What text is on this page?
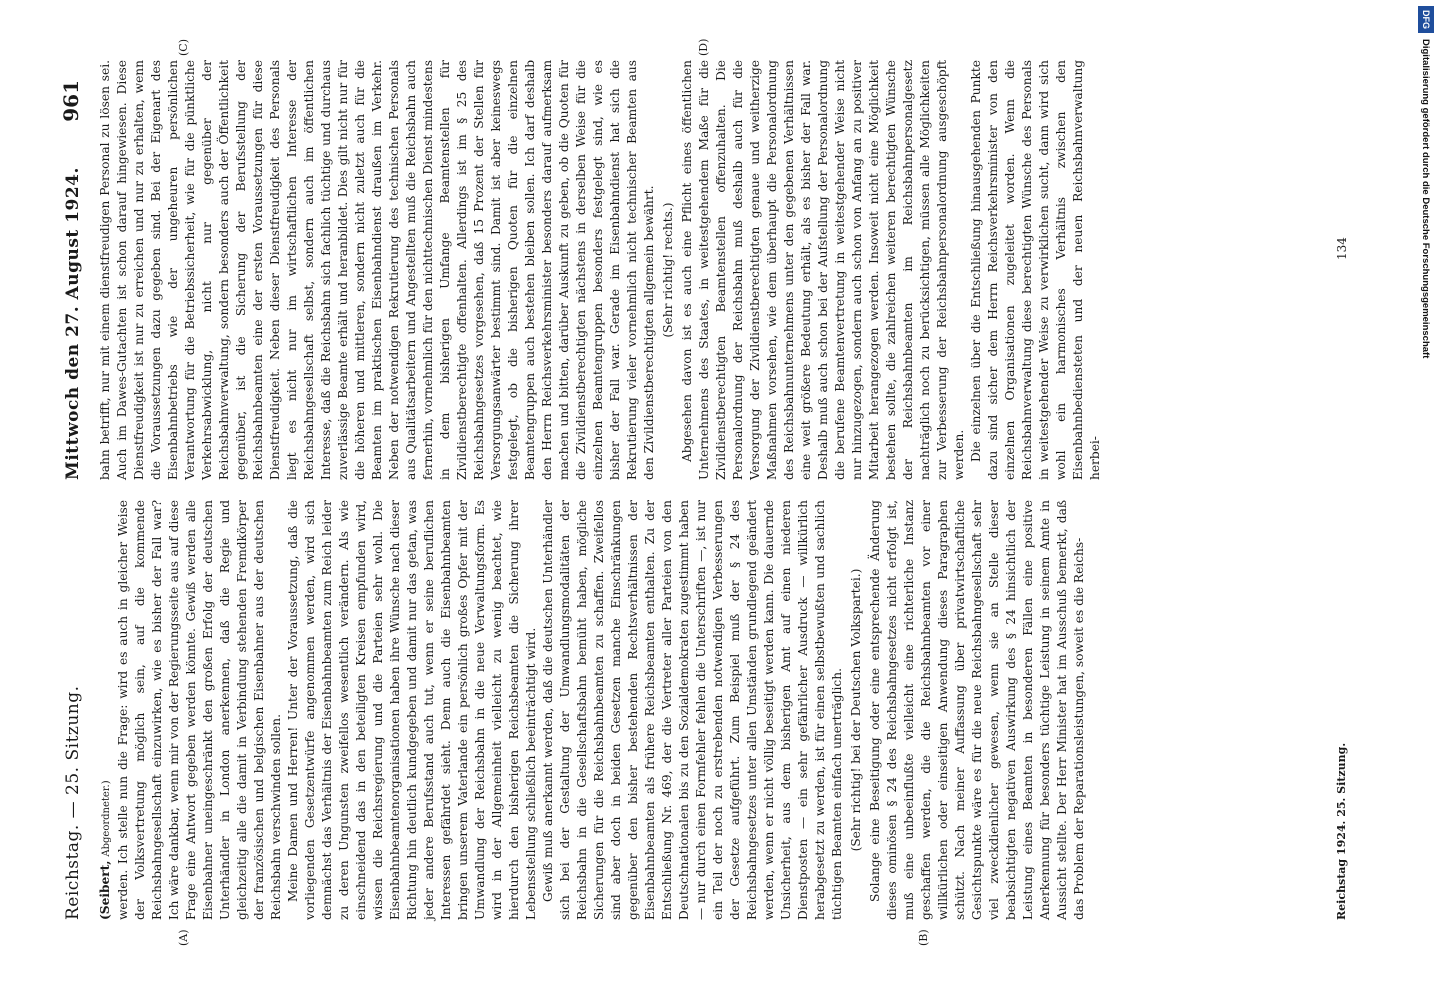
Reichstag. — 25. Sitzung.
Mittwoch den 27. August 1924.
961
(A)	(B)
(C)	(D)

(Seibert, Abgeordneter.) werden. Ich stelle nun die Frage: wird es auch in gleicher Weise der Volksvertretung möglich sein, auf die kommende Reichsbahngesellschaft einzuwirken, wie es bisher der Fall war? Ich wäre dankbar, wenn mir von der Regierungsseite aus auf diese Frage eine Antwort gegeben werden könnte. Gewiß werden alle Eisenbahner uneingeschränkt den großen Erfolg der deutschen Unterhändler in London anerkennen, daß die Regie und gleichzeitig alle die damit in Verbindung stehenden Fremdkörper der französischen und belgischen Eisenbahner aus der deutschen Reichsbahn verschwinden sollen. Meine Damen und Herren! Unter der Voraussetzung, daß die vorliegenden Gesetzentwürfe angenommen werden, wird sich demnächst das Verhältnis der Eisenbahnbeamten zum Reich leider zu deren Ungunsten zweifellos wesentlich verändern. Als wie einschneidend das in den beteiligten Kreisen empfunden wird, wissen die Reichsregierung und die Parteien sehr wohl. Die Eisenbahnbeamtenorganisationen haben ihre Wünsche nach dieser Richtung hin deutlich kundgegeben und damit nur das getan, was jeder andere Berufsstand auch tut, wenn er seine beruflichen Interessen gefährdet sieht. Denn auch die Eisenbahnbeamten bringen unserem Vaterlande ein persönlich großes Opfer mit der Umwandlung der Reichsbahn in die neue Verwaltungsform. Es wird in der Allgemeinheit vielleicht zu wenig beachtet, wie hierdurch den bisherigen Reichsbeamten die Sicherung ihrer Lebensstellung schließlich beeinträchtigt wird. Gewiß muß anerkannt werden, daß die deutschen Unterhändler sich bei der Gestaltung der Umwandlungsmodalitäten der Reichsbahn in die Gesellschaftsbahn bemüht haben, mögliche Sicherungen für die Reichsbahnbeamten zu schaffen. Zweifellos sind aber doch in beiden Gesetzen manche Einschränkungen gegenüber den bisher bestehenden Rechtsverhältnissen der Eisenbahnbeamten als frühere Reichsbeamten enthalten. Zu der Entschließung Nr. 469, der die Vertreter aller Parteien von den Deutschnationalen bis zu den Sozialdemokraten zugestimmt haben — nur durch einen Formfehler fehlen die Unterschriften —, ist nur ein Teil der noch zu erstrebenden notwendigen Verbesserungen der Gesetze aufgeführt. Zum Beispiel muß der § 24 des Reichsbahngesetzes unter allen Umständen grundlegend geändert werden, wenn er nicht völlig beseitigt werden kann. Die dauernde Unsicherheit, aus dem bisherigen Amt auf einen niederen Dienstposten — ein sehr gefährlicher Ausdruck — willkürlich herabgesetzt zu werden, ist für einen selbstbewußten und sachlich tüchtigen Beamten einfach unerträglich. (Sehr richtig! bei der Deutschen Volkspartei.) Solange eine Beseitigung oder eine entsprechende Änderung dieses ominösen § 24 des Reichsbahngesetzes nicht erfolgt ist, muß eine unbeeinflußte vielleicht eine richterliche Instanz geschaffen werden, die die Reichsbahnbeamten vor einer willkürlichen oder einseitigen Anwendung dieses Paragraphen schützt. Nach meiner Auffassung über privatwirtschaftliche Gesichtspunkte wäre es für die neue Reichsbahngesellschaft sehr viel zweckdienlicher gewesen, wenn sie an Stelle dieser beabsichtigten negativen Auswirkung des § 24 hinsichtlich der Leistung eines Beamten in besonderen Fällen eine positive Anerkennung für besonders tüchtige Leistung in seinem Amte in Aussicht stellte. Der Herr Minister hat im Ausschuß bemerkt, daß das Problem der Reparationsleistungen, soweit es die Reichs-

bahn betrifft, nur mit einem dienstfreudigen Personal zu lösen sei. Auch im Dawes-Gutachten ist schon darauf hingewiesen. Diese Dienstfreudigkeit ist nur zu erreichen und nur zu erhalten, wenn die Voraussetzungen dazu gegeben sind. Bei der Eigenart des Eisenbahnbetriebs wie der ungeheuren persönlichen Verantwortung für die Betriebssicherheit, wie für die pünktliche Verkehrsabwicklung, nicht nur gegenüber der Reichsbahnverwaltung, sondern besonders auch der Öffentlichkeit gegenüber, ist die Sicherung der Berufsstellung der Reichsbahnbeamten eine der ersten Voraussetzungen für diese Dienstfreudigkeit. Neben dieser Dienstfreudigkeit des Personals liegt es nicht nur im wirtschaftlichen Interesse der Reichsbahngesellschaft selbst, sondern auch im öffentlichen Interesse, daß die Reichsbahn sich fachlich tüchtige und durchaus zuverlässige Beamte erhält und heranbildet. Dies gilt nicht nur für die höheren und mittleren, sondern nicht zuletzt auch für die Beamten im praktischen Eisenbahndienst draußen im Verkehr. Neben der notwendigen Rekrutierung des technischen Personals aus Qualitätsarbeitern und Angestellten muß die Reichsbahn auch fernerhin, vornehmlich für den nichttechnischen Dienst mindestens in dem bisherigen Umfange Beamtenstellen für Zivildienstberechtigte offenhalten. Allerdings ist im § 25 des Reichsbahngesetzes vorgesehen, daß 15 Prozent der Stellen für Versorgungsanwärter bestimmt sind. Damit ist aber keineswegs festgelegt, ob die bisherigen Quoten für die einzelnen Beamtengruppen auch bestehen bleiben sollen. Ich darf deshalb den Herrn Reichsverkehrsminister besonders darauf aufmerksam machen und bitten, darüber Auskunft zu geben, ob die Quoten für die Zivildienstberechtigten nächstens in derselben Weise für die einzelnen Beamtengruppen besonders festgelegt sind, wie es bisher der Fall war. Gerade im Eisenbahndienst hat sich die Rekrutierung vieler vornehmlich nicht technischer Beamten aus den Zivildienstberechtigten allgemein bewährt. (Sehr richtig! rechts.) Abgesehen davon ist es auch eine Pflicht eines öffentlichen Unternehmens des Staates, in weitestgehendem Maße für die Zivildienstberechtigten Beamtenstellen offenzuhalten. Die Personalordnung der Reichsbahn muß deshalb auch für die Versorgung der Zivildienstberechtigten genaue und weitherzige Maßnahmen vorsehen, wie dem überhaupt die Personalordnung des Reichsbahnunternehmens unter den gegebenen Verhältnissen eine weit größere Bedeutung erhält, als es bisher der Fall war. Deshalb muß auch schon bei der Aufstellung der Personalordnung die berufene Beamtenvertretung in weitestgehender Weise nicht nur hinzugezogen, sondern auch schon von Anfang an zu positiver Mitarbeit herangezogen werden. Insoweit nicht eine Möglichkeit bestehen sollte, die zahlreichen weiteren berechtigten Wünsche der Reichsbahnbeamten im Reichsbahnpersonalgesetz nachträglich noch zu berücksichtigen, müssen alle Möglichkeiten zur Verbesserung der Reichsbahnpersonalordnung ausgeschöpft werden. Die einzelnen über die Entschließung hinausgehenden Punkte dazu sind sicher dem Herrn Reichsverkehrsminister von den einzelnen Organisationen zugeleitet worden. Wenn die Reichsbahnverwaltung diese berechtigten Wünsche des Personals in weitestgehender Weise zu verwirklichen sucht, dann wird sich wohl ein harmonisches Verhältnis zwischen den Eisenbahnbediensteten und der neuen Reichsbahnverwaltung herbei-

Reichstag 1924. 25. Sitzung.
134
DFGDigitalisierung gefördert durch die Deutsche Forschungsgemeinschaft
